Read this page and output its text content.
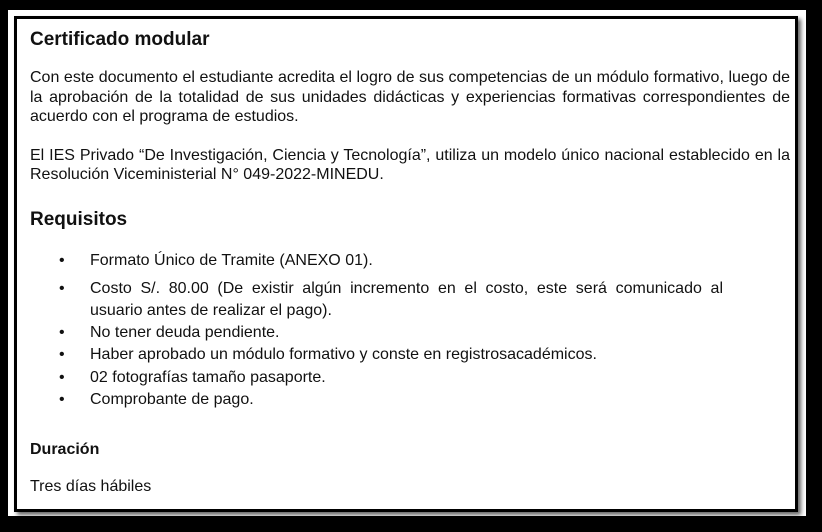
Certificado modular

Con este documento el estudiante acredita el logro de sus competencias de un módulo formativo, luego de la aprobación de la totalidad de sus unidades didácticas y experiencias formativas correspondientes de acuerdo con el programa de estudios.

El IES Privado “De Investigación, Ciencia y Tecnología”, utiliza un modelo único nacional establecido en la Resolución Viceministerial N° 049-2022-MINEDU.

Requisitos
• Formato Único de Tramite (ANEXO 01).
• Costo S/. 80.00 (De existir algún incremento en el costo, este será comunicado al usuario antes de realizar el pago).
• No tener deuda pendiente.
• Haber aprobado un módulo formativo y conste en registrosacadémicos.
• 02 fotografías tamaño pasaporte.
• Comprobante de pago.
Duración

Tres días hábiles
